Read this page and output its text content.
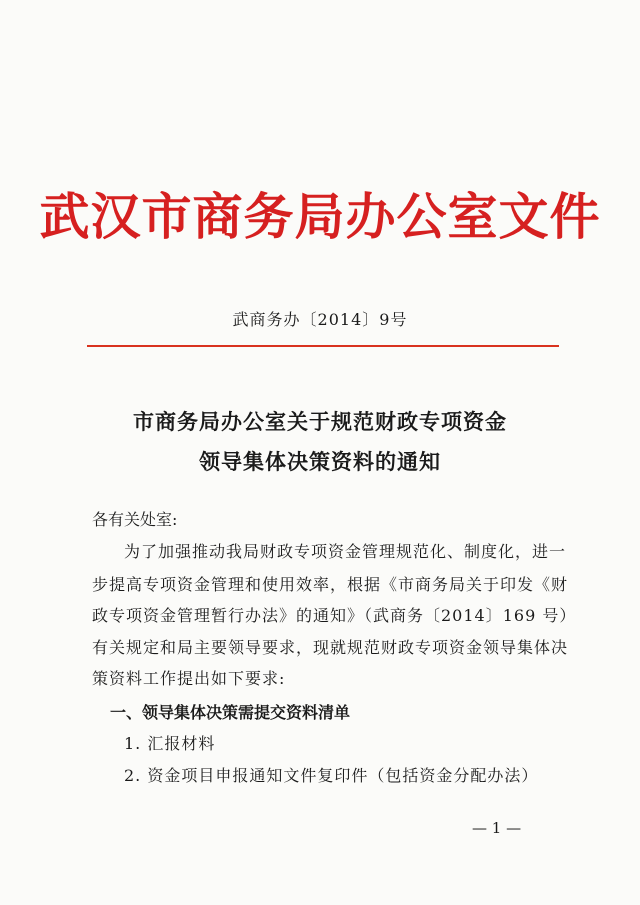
武汉市商务局办公室文件
武商务办〔2014〕9号
市商务局办公室关于规范财政专项资金
领导集体决策资料的通知
各有关处室:
为了加强推动我局财政专项资金管理规范化、制度化，进一
步提高专项资金管理和使用效率，根据《市商务局关于印发《财
政专项资金管理暂行办法》的通知》（武商务〔2014〕169 号）
有关规定和局主要领导要求，现就规范财政专项资金领导集体决
策资料工作提出如下要求:
一、领导集体决策需提交资料清单
1. 汇报材料
2. 资金项目申报通知文件复印件（包括资金分配办法）
— 1 —
